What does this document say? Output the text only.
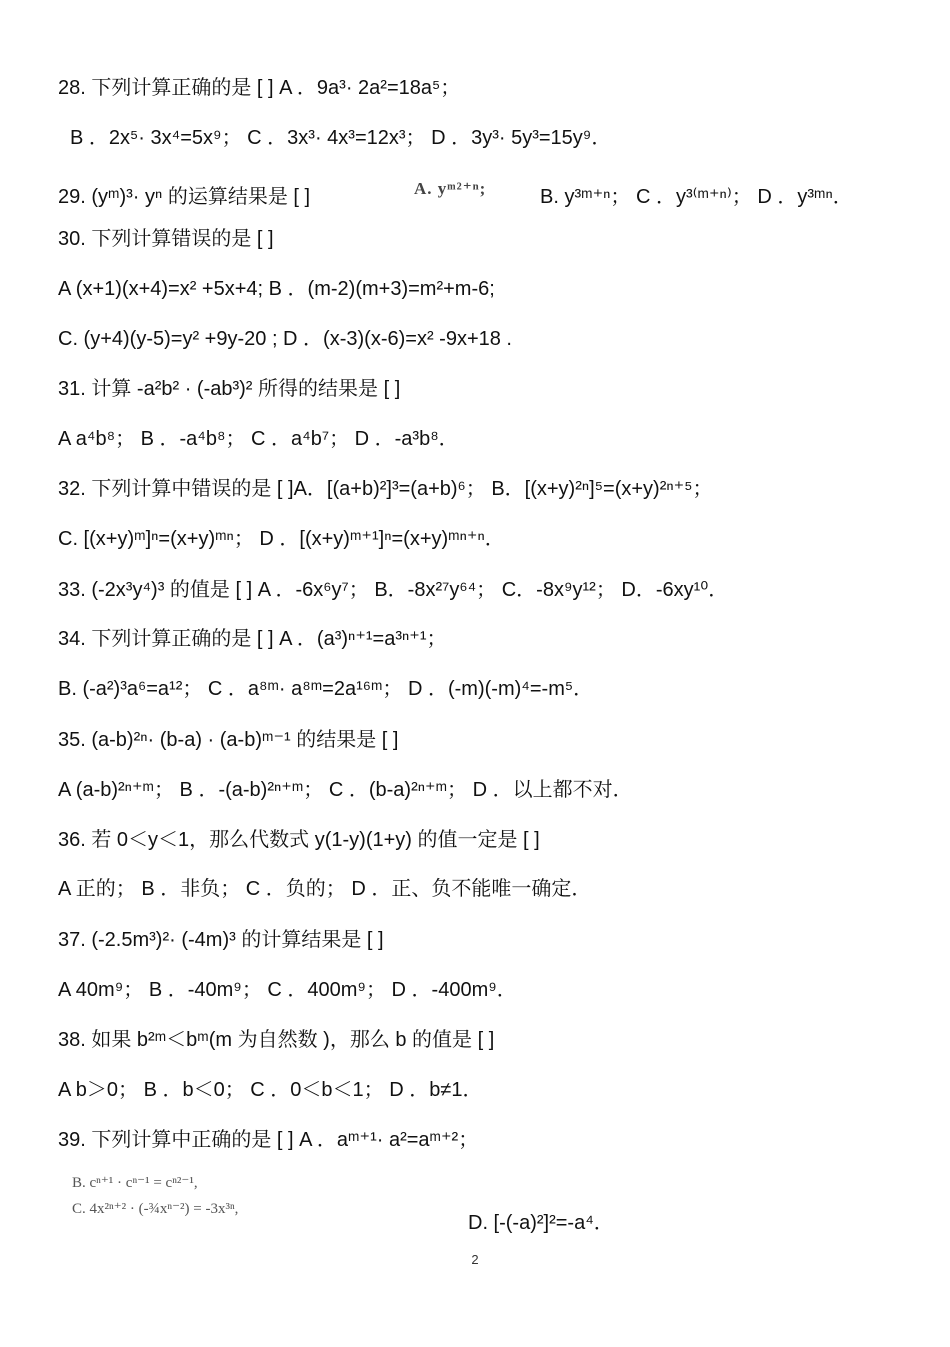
28. 下列计算正确的是 [ ] A ．9a³· 2a²=18a⁵；
B ．2x⁵· 3x⁴=5x⁹； C ．3x³· 4x³=12x³； D ．3y³· 5y³=15y⁹．
29. (yᵐ)³· yⁿ 的运算结果是 [ ]	A. yᵐ²⁺ⁿ;	B. y³ᵐ⁺ⁿ； C ．y³⁽ᵐ⁺ⁿ⁾； D ．y³ᵐⁿ．
30. 下列计算错误的是 [ ]
A (x+1)(x+4)=x² +5x+4; B ．(m-2)(m+3)=m²+m-6;
C. (y+4)(y-5)=y² +9y-20 ; D ．(x-3)(x-6)=x² -9x+18 .
31. 计算 -a²b² · (-ab³)² 所得的结果是 [ ]
A a⁴b⁸； B ．-a⁴b⁸； C ．a⁴b⁷； D ．-a³b⁸．
32. 下列计算中错误的是 [ ]A．[(a+b)²]³=(a+b)⁶； B．[(x+y)²ⁿ]⁵=(x+y)²ⁿ⁺⁵；
C. [(x+y)ᵐ]ⁿ=(x+y)ᵐⁿ； D ．[(x+y)ᵐ⁺¹]ⁿ=(x+y)ᵐⁿ⁺ⁿ．
33. (-2x³y⁴)³ 的值是 [ ] A ．-6x⁶y⁷； B．-8x²⁷y⁶⁴； C．-8x⁹y¹²； D．-6xy¹⁰．
34. 下列计算正确的是 [ ] A ．(a³)ⁿ⁺¹=a³ⁿ⁺¹；
B. (-a²)³a⁶=a¹²； C ．a⁸ᵐ· a⁸ᵐ=2a¹⁶ᵐ； D ．(-m)(-m)⁴=-m⁵．
35. (a-b)²ⁿ· (b-a) · (a-b)ᵐ⁻¹ 的结果是 [ ]
A (a-b)²ⁿ⁺ᵐ； B ．-(a-b)²ⁿ⁺ᵐ； C ．(b-a)²ⁿ⁺ᵐ； D ．以上都不对．
36. 若 0＜y＜1，那么代数式 y(1-y)(1+y) 的值一定是 [ ]
A 正的； B ．非负； C ．负的； D ．正、负不能唯一确定．
37. (-2.5m³)²· (-4m)³ 的计算结果是 [ ]
A 40m⁹； B ．-40m⁹； C ．400m⁹； D ．-400m⁹．
38. 如果 b²ᵐ＜bᵐ(m 为自然数 )，那么 b 的值是 [ ]
A b＞0； B ．b＜0； C ．0＜b＜1； D ．b≠1．
39. 下列计算中正确的是 [ ] A ．aᵐ⁺¹· a²=aᵐ⁺²；
B. cⁿ⁺¹ · cⁿ⁻¹ = cⁿ²⁻¹,
C. 4x²ⁿ⁺² · (-¾xⁿ⁻²) = -3x³ⁿ,
D. [-(-a)²]²=-a⁴．
2
